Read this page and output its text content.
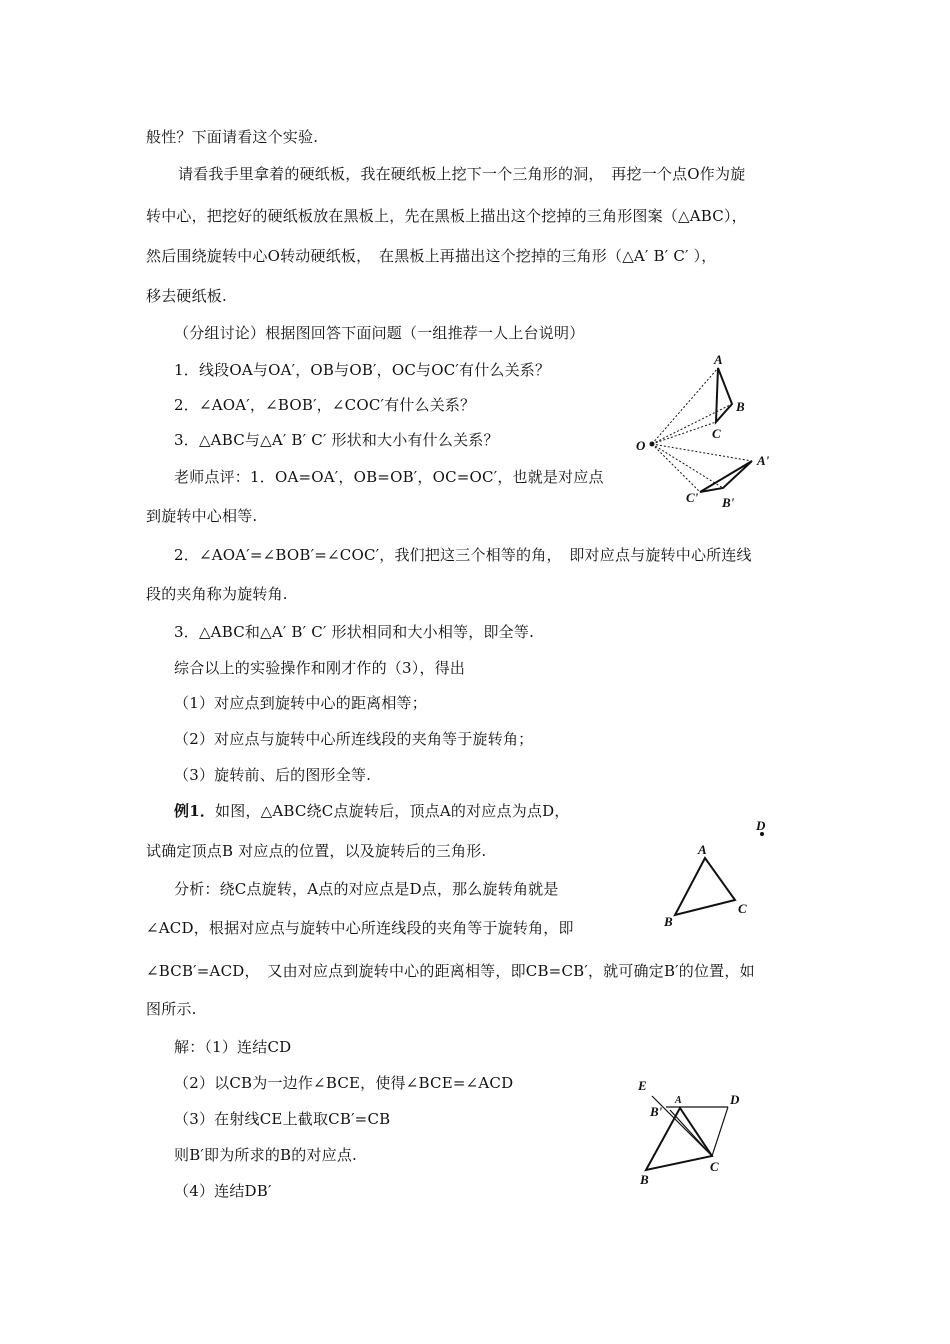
般性？下面请看这个实验.
请看我手里拿着的硬纸板，我在硬纸板上挖下一个三角形的洞，　再挖一个点O作为旋
转中心，把挖好的硬纸板放在黑板上，先在黑板上描出这个挖掉的三角形图案（△ABC），
然后围绕旋转中心O转动硬纸板，　在黑板上再描出这个挖掉的三角形（△A′ B′ C′ ），
移去硬纸板.
（分组讨论）根据图回答下面问题（一组推荐一人上台说明）
1．线段OA与OA′，OB与OB′，OC与OC′有什么关系？
2．∠AOA′，∠BOB′，∠COC′有什么关系？
3．△ABC与△A′ B′ C′ 形状和大小有什么关系？
老师点评：1．OA=OA′，OB=OB′，OC=OC′，也就是对应点
到旋转中心相等.
2．∠AOA′=∠BOB′=∠COC′，我们把这三个相等的角，　即对应点与旋转中心所连线
段的夹角称为旋转角.
3．△ABC和△A′ B′ C′ 形状相同和大小相等，即全等.
综合以上的实验操作和刚才作的（3），得出
（1）对应点到旋转中心的距离相等；
（2）对应点与旋转中心所连线段的夹角等于旋转角；
（3）旋转前、后的图形全等.
例1．如图，△ABC绕C点旋转后，顶点A的对应点为点D，
试确定顶点B 对应点的位置，以及旋转后的三角形.
分析：绕C点旋转，A点的对应点是D点，那么旋转角就是
∠ACD，根据对应点与旋转中心所连线段的夹角等于旋转角，即
∠BCB′=ACD，　又由对应点到旋转中心的距离相等，即CB=CB′，就可确定B′的位置，如
图所示.
解：（1）连结CD
（2）以CB为一边作∠BCE，使得∠BCE=∠ACD
（3）在射线CE上截取CB′=CB
则B′即为所求的B的对应点.
（4）连结DB′
A
B
C
O
A'
C' B'
D
A
B
C
E
B'
A	D
C
B
